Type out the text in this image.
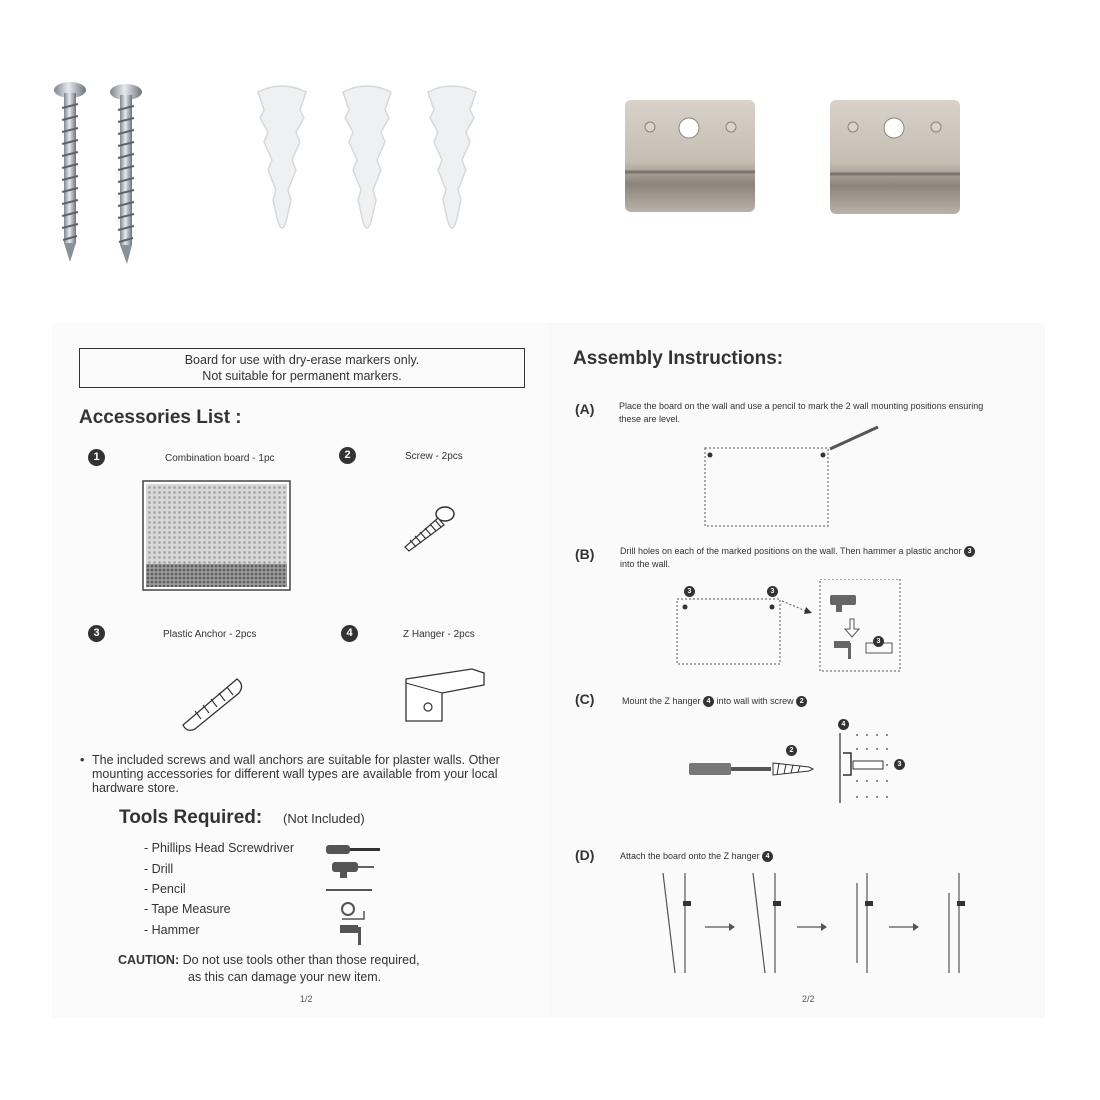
Board for use with dry-erase markers only.
Not suitable for permanent markers.
Accessories List :
1	Combination board - 1pc	2	Screw - 2pcs
3	Plastic Anchor - 2pcs	4	Z Hanger - 2pcs
• The included screws and wall anchors are suitable for plaster walls. Other mounting accessories for different wall types are available from your local hardware store.
Tools Required: (Not Included)
- Phillips Head Screwdriver
- Drill
- Pencil
- Tape Measure
- Hammer
CAUTION: Do not use tools other than those required,
as this can damage your new item.
1/2
Assembly Instructions:
(A)	Place the board on the wall and use a pencil to mark the 2 wall mounting positions ensuring
these are level.
(B)	Drill holes on each of the marked positions on the wall. Then hammer a plastic anchor 3
into the wall.
3	3
3
(C)	Mount the Z hanger 4 into wall with screw 2
4
2
3
(D)	Attach the board onto the Z hanger 4
2/2
